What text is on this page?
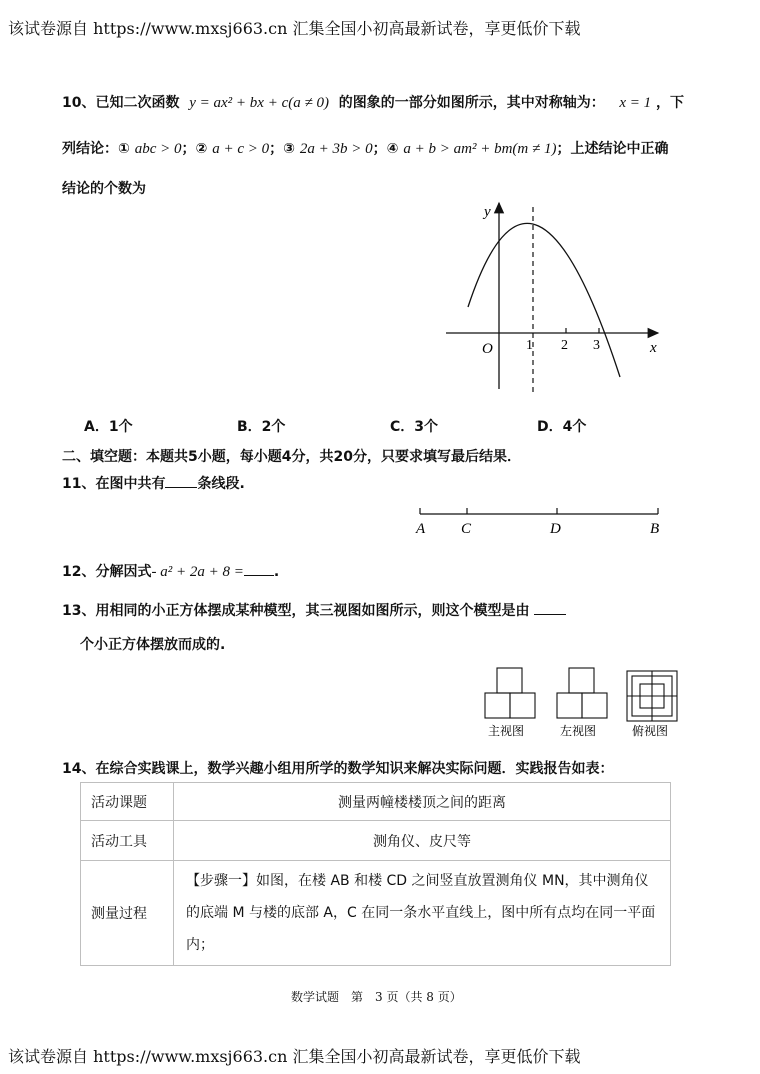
该试卷源自 https://www.mxsj663.cn 汇集全国小初高最新试卷，享更低价下载
10、已知二次函数 y = ax² + bx + c(a ≠ 0) 的图象的一部分如图所示，其中对称轴为： x = 1 ，下
列结论：① abc > 0；② a + c > 0；③ 2a + 3b > 0；④ a + b > am² + bm(m ≠ 1)；上述结论中正确
结论的个数为
y
O 1 2 3	x
A．1个	B．2个	C．3个	D．4个
二、填空题：本题共5小题，每小题4分，共20分，只要求填写最后结果．
11、在图中共有 条线段.
A C	D	B
12、分解因式- a² + 2a + 8 = .
13、用相同的小正方体摆成某种模型，其三视图如图所示，则这个模型是由
个小正方体摆放而成的.
主视图	左视图	俯视图
14、在综合实践课上，数学兴趣小组用所学的数学知识来解决实际问题．实践报告如表：
活动课题	测量两幢楼楼顶之间的距离
活动工具	测角仪、皮尺等
测量过程	【步骤一】如图，在楼 AB 和楼 CD 之间竖直放置测角仪 MN，其中测角仪的底端 M 与楼的底部 A，C 在同一条水平直线上，图中所有点均在同一平面内；
数学试题　第　3 页（共 8 页）
该试卷源自 https://www.mxsj663.cn 汇集全国小初高最新试卷，享更低价下载
